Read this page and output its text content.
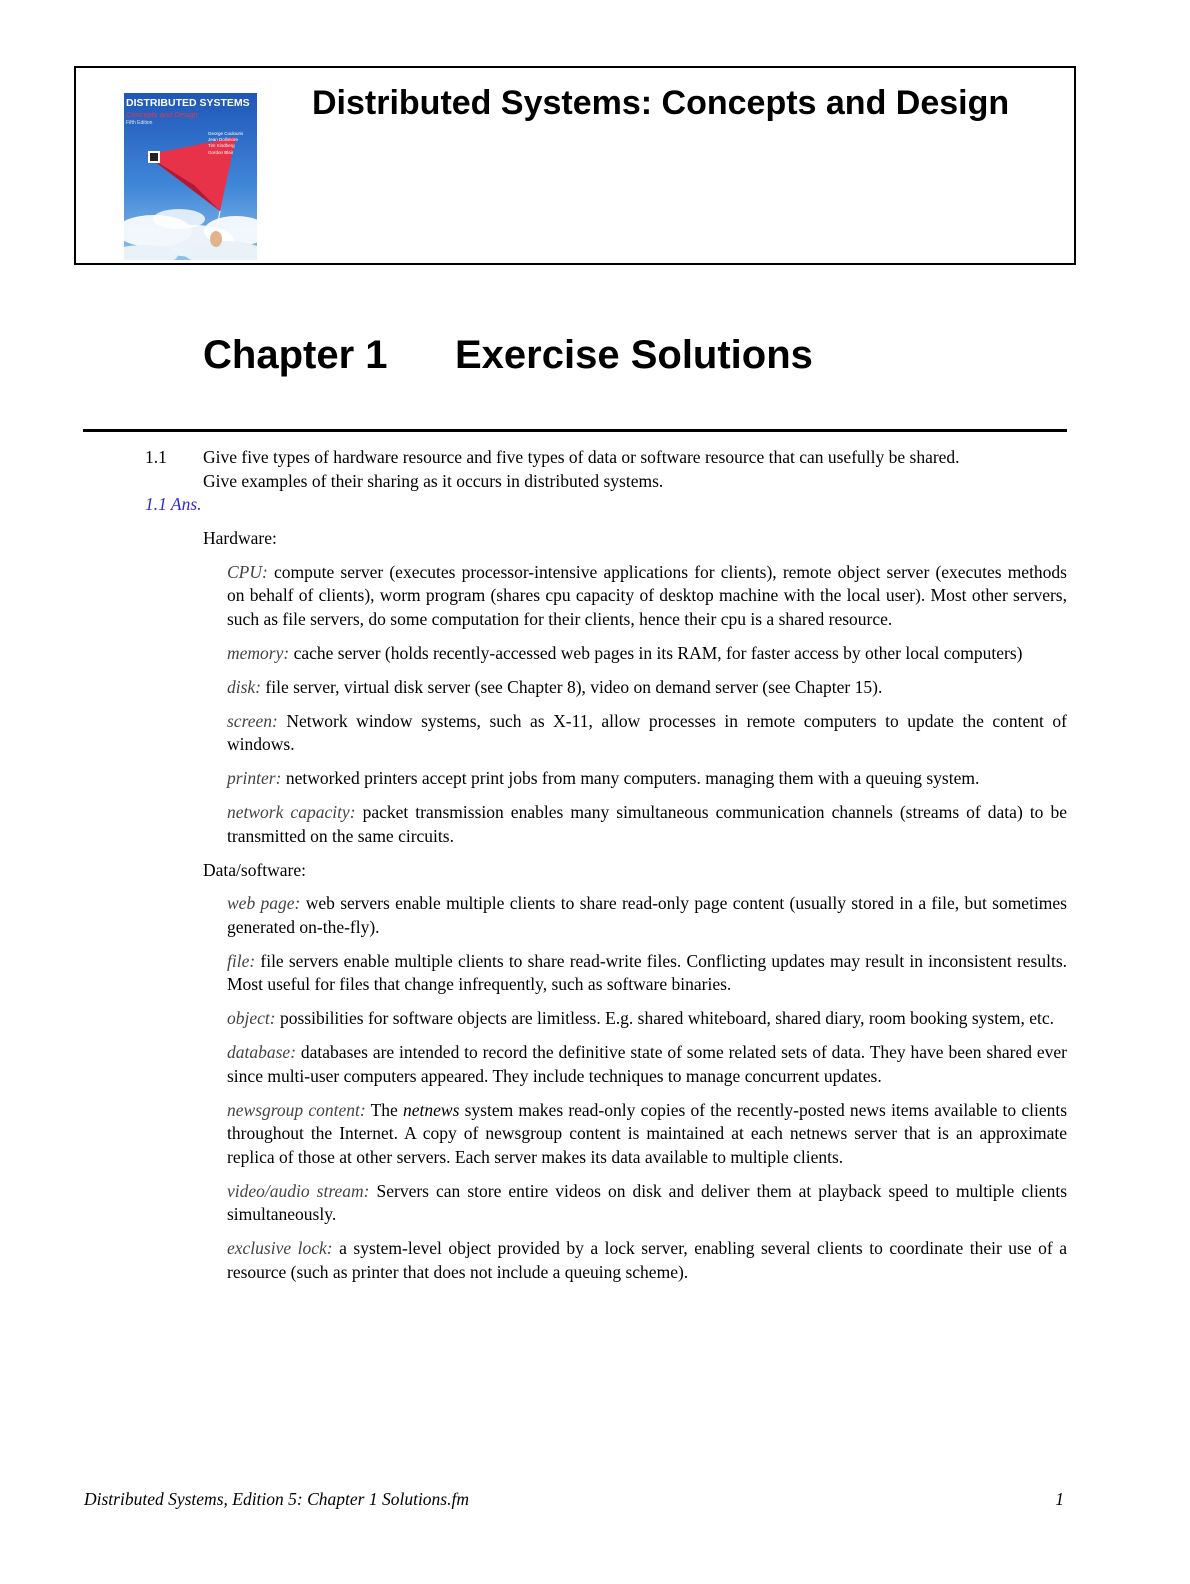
DISTRIBUTED SYSTEMS
Concepts and Design
Fifth Edition
George Coulouris
Jean Dollimore
Tim Kindberg
Gordon Blair
Distributed Systems: Concepts and Design
Chapter 1 Exercise Solutions
1.1 Give five types of hardware resource and five types of data or software resource that can usefully be shared. Give examples of their sharing as it occurs in distributed systems.
1.1 Ans.
Hardware:

CPU: compute server (executes processor-intensive applications for clients), remote object server (executes methods on behalf of clients), worm program (shares cpu capacity of desktop machine with the local user). Most other servers, such as file servers, do some computation for their clients, hence their cpu is a shared resource.

memory: cache server (holds recently-accessed web pages in its RAM, for faster access by other local computers)

disk: file server, virtual disk server (see Chapter 8), video on demand server (see Chapter 15).

screen: Network window systems, such as X-11, allow processes in remote computers to update the content of windows.

printer: networked printers accept print jobs from many computers. managing them with a queuing system.

network capacity: packet transmission enables many simultaneous communication channels (streams of data) to be transmitted on the same circuits.

Data/software:

web page: web servers enable multiple clients to share read-only page content (usually stored in a file, but sometimes generated on-the-fly).

file: file servers enable multiple clients to share read-write files. Conflicting updates may result in inconsistent results. Most useful for files that change infrequently, such as software binaries.

object: possibilities for software objects are limitless. E.g. shared whiteboard, shared diary, room booking system, etc.

database: databases are intended to record the definitive state of some related sets of data. They have been shared ever since multi-user computers appeared. They include techniques to manage concurrent updates.

newsgroup content: The netnews system makes read-only copies of the recently-posted news items available to clients throughout the Internet. A copy of newsgroup content is maintained at each netnews server that is an approximate replica of those at other servers. Each server makes its data available to multiple clients.

video/audio stream: Servers can store entire videos on disk and deliver them at playback speed to multiple clients simultaneously.

exclusive lock: a system-level object provided by a lock server, enabling several clients to coordinate their use of a resource (such as printer that does not include a queuing scheme).

Distributed Systems, Edition 5: Chapter 1 Solutions.fm	1
